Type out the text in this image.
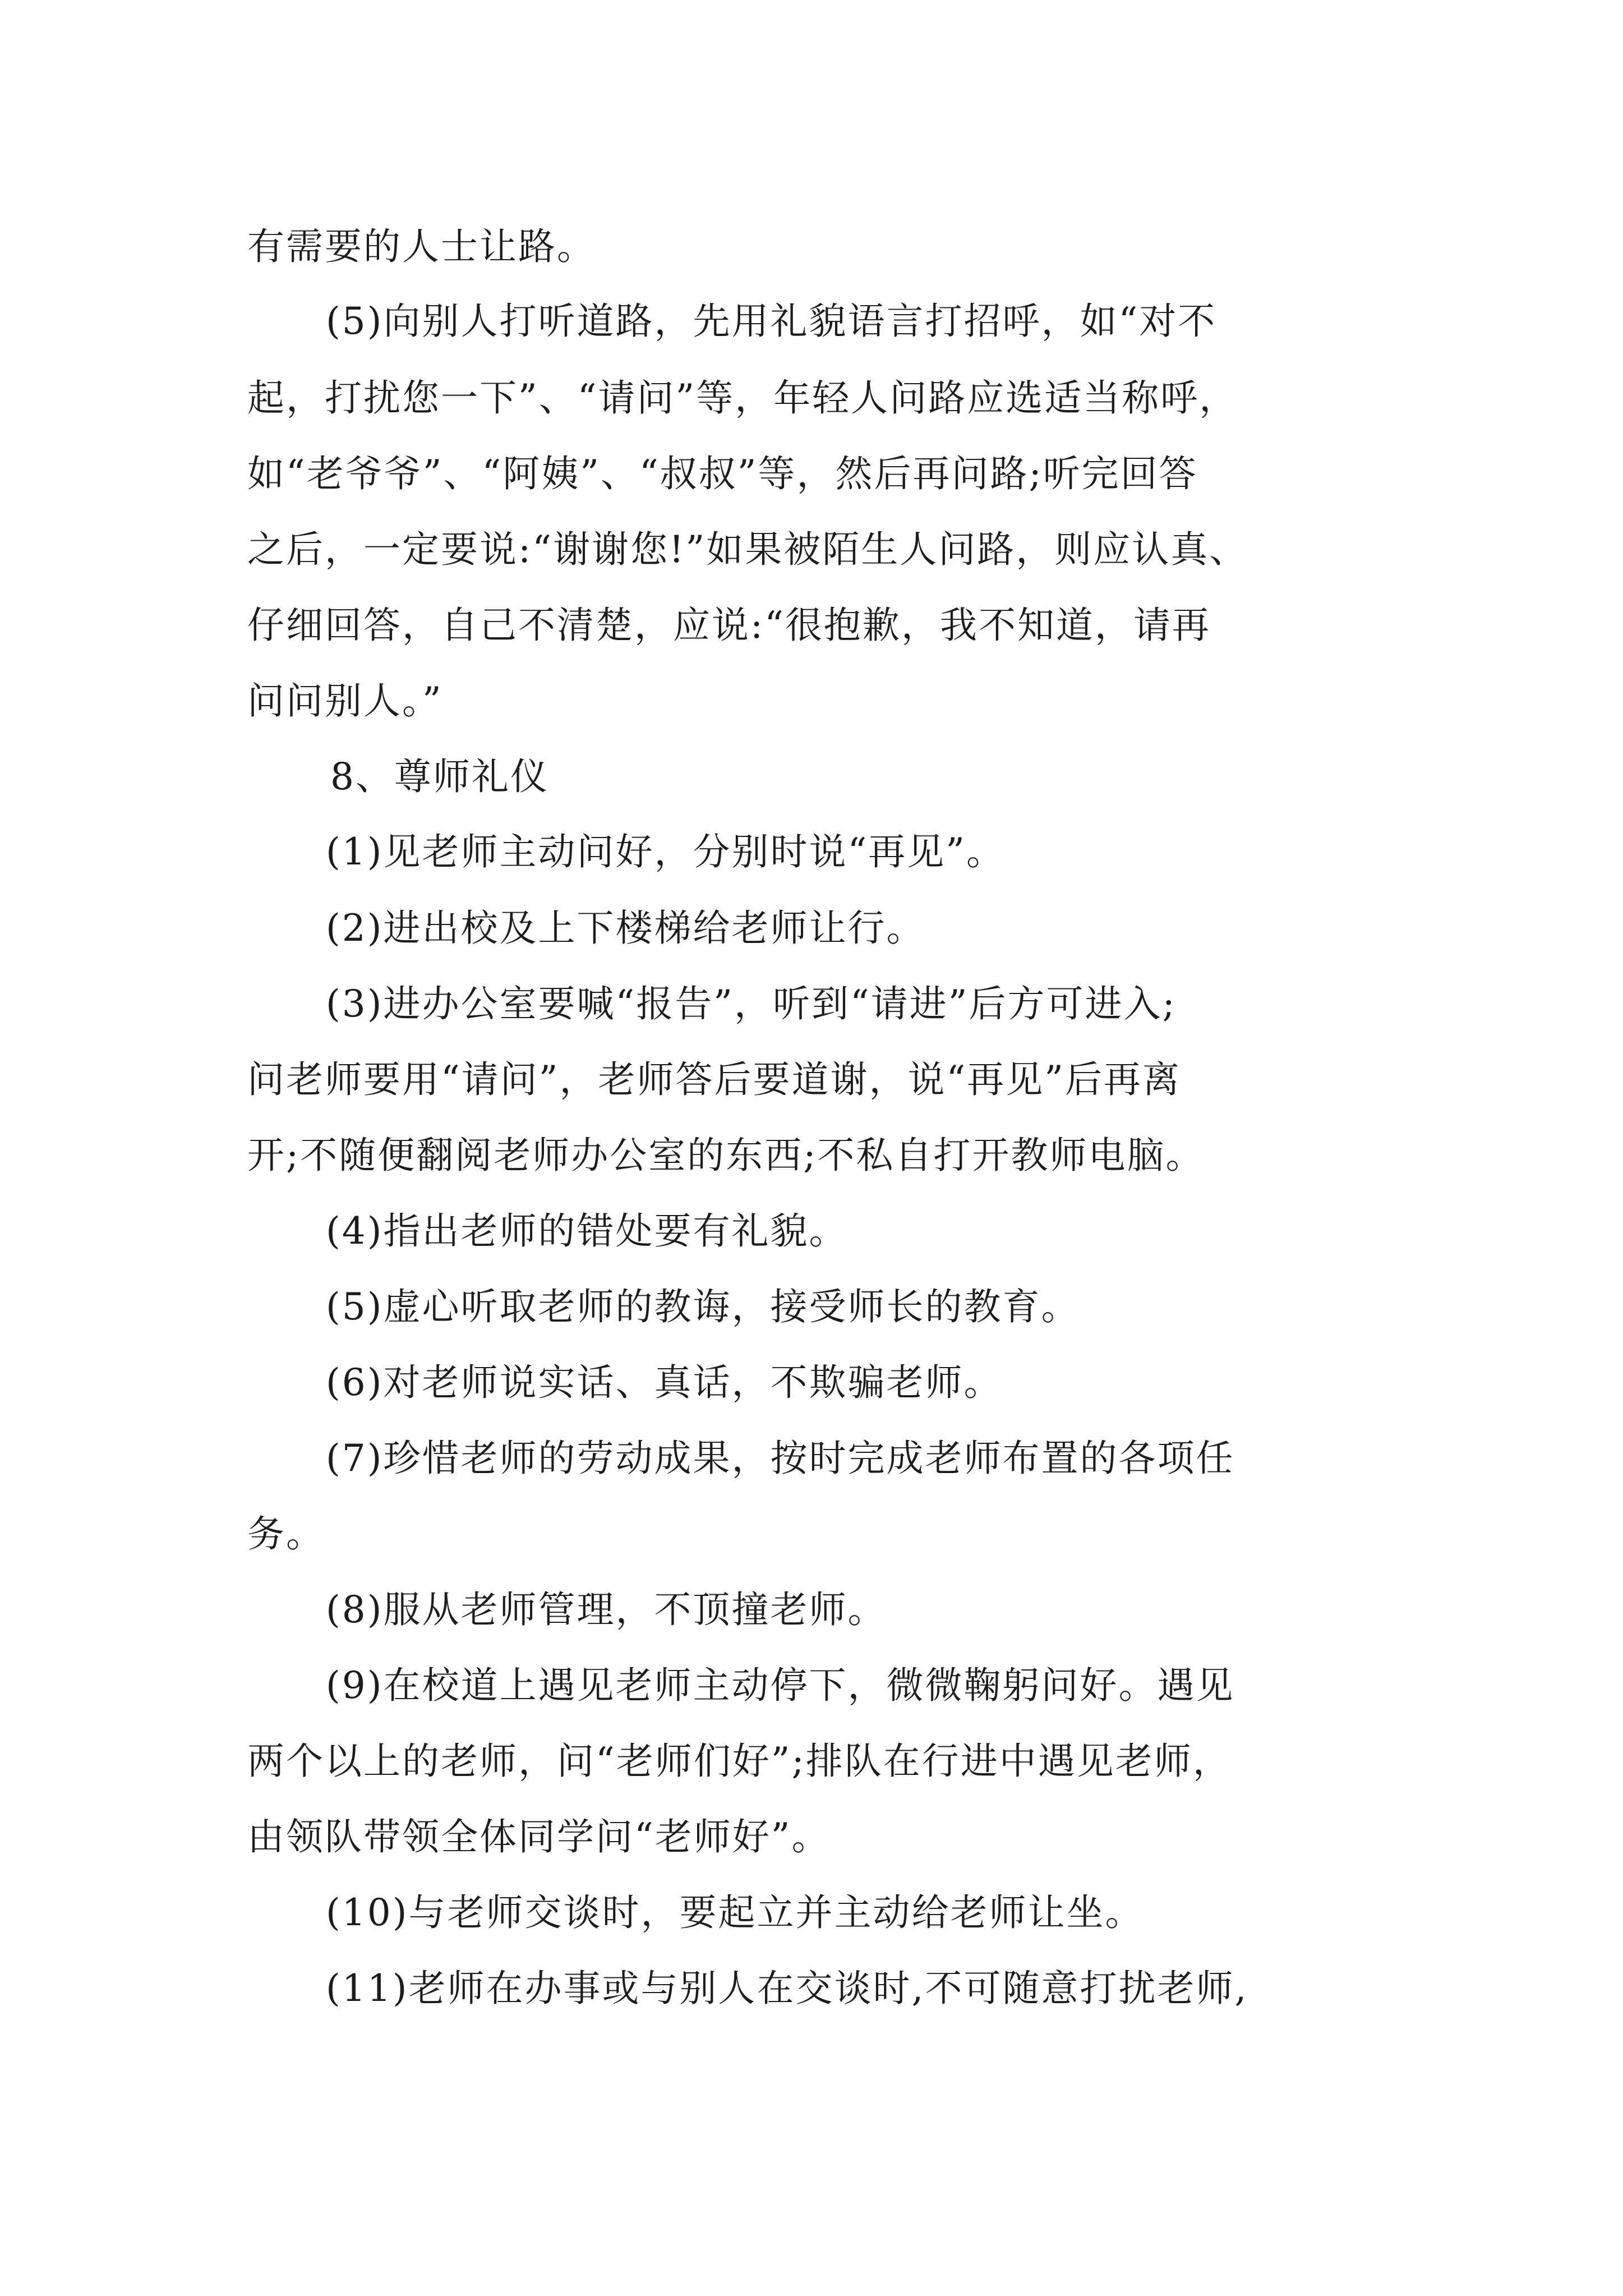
有需要的人士让路。

(5)向别人打听道路，先用礼貌语言打招呼，如“对不

起，打扰您一下”、“请问”等，年轻人问路应选适当称呼，

如“老爷爷”、“阿姨”、“叔叔”等，然后再问路;听完回答

之后，一定要说:“谢谢您!”如果被陌生人问路，则应认真、

仔细回答，自己不清楚，应说:“很抱歉，我不知道，请再

问问别人。”

8、尊师礼仪

(1)见老师主动问好，分别时说“再见”。

(2)进出校及上下楼梯给老师让行。

(3)进办公室要喊“报告”，听到“请进”后方可进入;

问老师要用“请问”，老师答后要道谢，说“再见”后再离

开;不随便翻阅老师办公室的东西;不私自打开教师电脑。

(4)指出老师的错处要有礼貌。

(5)虚心听取老师的教诲，接受师长的教育。

(6)对老师说实话、真话，不欺骗老师。

(7)珍惜老师的劳动成果，按时完成老师布置的各项任

务。

(8)服从老师管理，不顶撞老师。

(9)在校道上遇见老师主动停下，微微鞠躬问好。遇见

两个以上的老师，问“老师们好”;排队在行进中遇见老师，

由领队带领全体同学问“老师好”。

(10)与老师交谈时，要起立并主动给老师让坐。

(11)老师在办事或与别人在交谈时,不可随意打扰老师,
